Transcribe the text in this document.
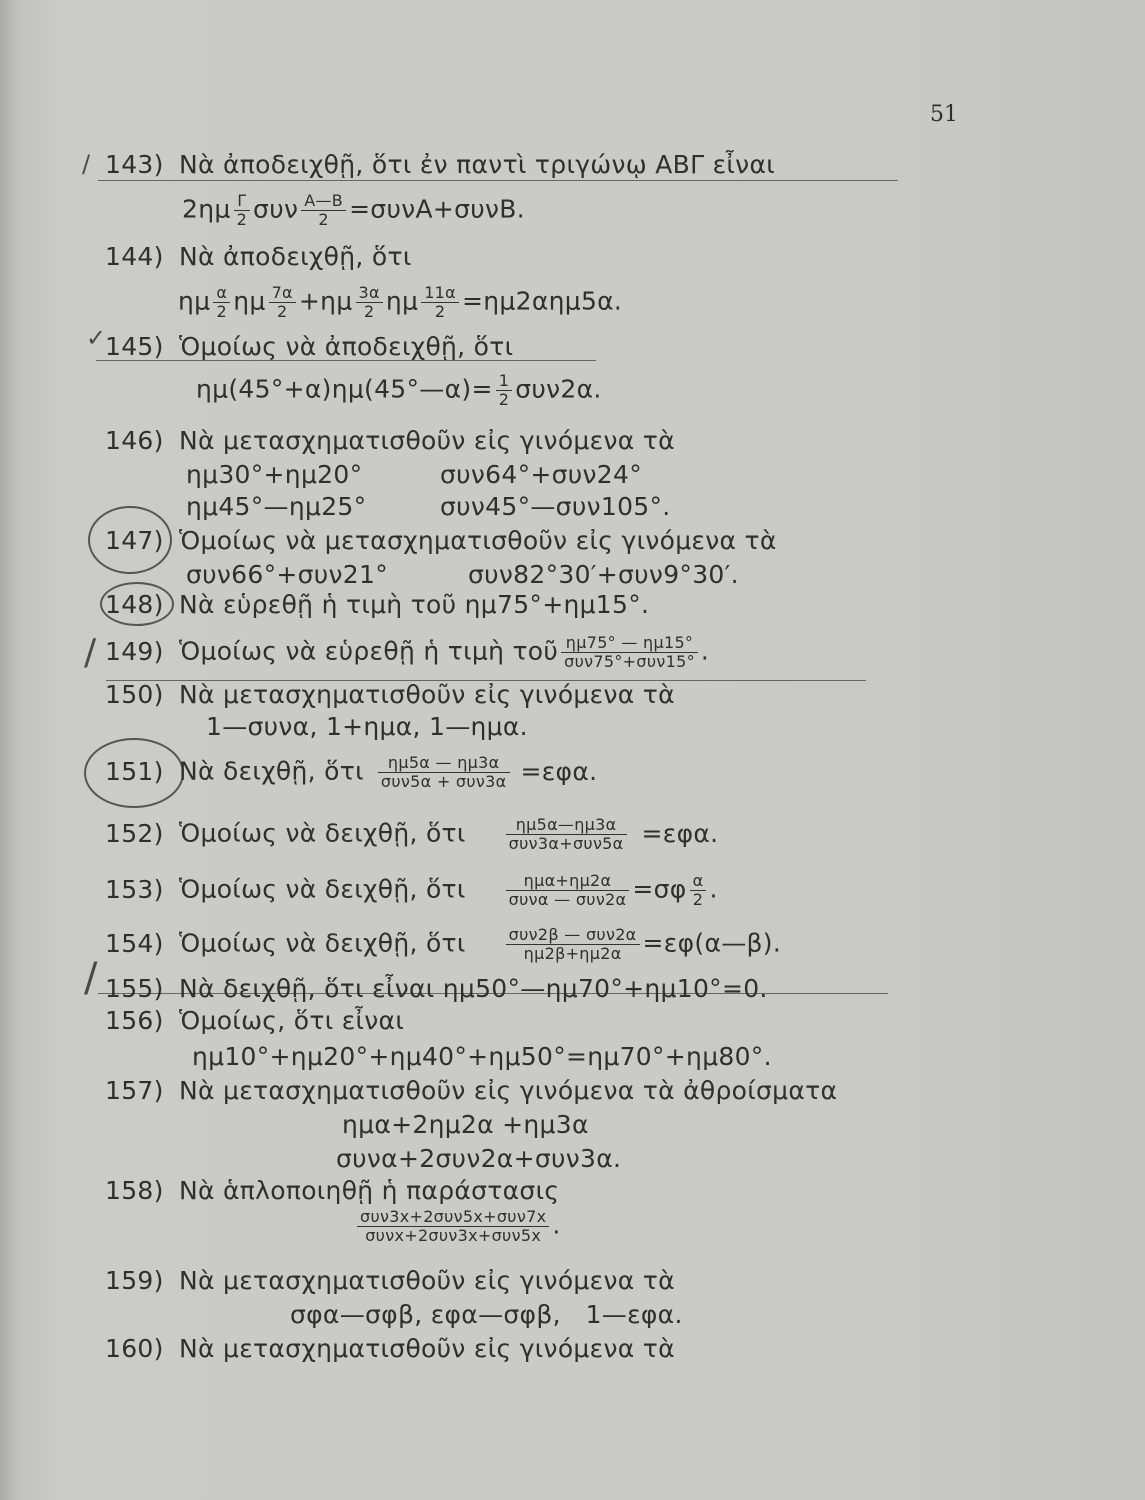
51
/
✓
/
/
143) Νὰ ἀποδειχθῇ, ὅτι ἐν παντὶ τριγώνῳ ΑΒΓ εἶναι
$2\eta\mu \frac{\Gamma}{2}$ συν $\frac{A—B}{2} =\sigma\upsilon\nu A+\sigma\upsilon\nu B$.
144) Νὰ ἀποδειχθῇ, ὅτι
ημ $\frac{\alpha}{2}$ ημ $\frac{7\alpha}{2} +\eta\mu \frac{3\alpha}{2}$ ημ $\frac{11\alpha}{2} =\eta\mu 2\alpha\eta\mu 5\alpha$.
145) Ὁμοίως νὰ ἀποδειχθῇ, ὅτι
ημ(45°+α)ημ(45°—α)= $\frac{1}{2} \sigma\upsilon\nu 2\alpha$.
146) Νὰ μετασχηματισθοῦν εἰς γινόμενα τὰ
ημ30°+ημ20°	συν64°+συν24°
ημ45°—ημ25°	συν45°—συν105°.
147) Ὁμοίως νὰ μετασχηματισθοῦν εἰς γινόμενα τὰ
συν66°+συν21°	συν82°30′+συν9°30′.
148) Νὰ εὑρεθῇ ἡ τιμὴ τοῦ ημ75°+ημ15°.
149) Ὁμοίως νὰ εὑρεθῇ ἡ τιμὴ τοῦ $\frac{\eta\mu 75^\circ — \eta\mu 15^\circ}{\text{συν75°+συν15°}}$ .
150) Νὰ μετασχηματισθοῦν εἰς γινόμενα τὰ
1—συνα, 1+ημα, 1—ημα.
151) Νὰ δειχθῇ, ὅτι $\frac{\eta\mu 5\alpha — \eta\mu 3\alpha}{\text{συν5α + συν3α}} =\varepsilon\varphi\alpha$.
152) Ὁμοίως νὰ δειχθῇ, ὅτι	$\frac{\eta\mu 5\alpha—\eta\mu 3\alpha}{\text{συν3α+συν5α}} =\varepsilon\varphi\alpha$.
153) Ὁμοίως νὰ δειχθῇ, ὅτι	$\frac{\text{ημα+ημ2α}}{\text{συνα — συν2α}} =\sigma\varphi \frac{\alpha}{2}$ .
154) Ὁμοίως νὰ δειχθῇ, ὅτι	$\frac{\text{συν2β — συν2α}}{\eta\mu 2\beta+\eta\mu 2\alpha}$ =εφ(α—β).
155) Νὰ δειχθῇ, ὅτι εἶναι ημ50°—ημ70°+ημ10°=0.
156) Ὁμοίως, ὅτι εἶναι
ημ10°+ημ20°+ημ40°+ημ50°=ημ70°+ημ80°.
157) Νὰ μετασχηματισθοῦν εἰς γινόμενα τὰ ἀθροίσματα
ημα+2ημ2α +ημ3α
συνα+2συν2α+συν3α.
158) Νὰ ἁπλοποιηθῇ ἡ παράστασις
$\frac{\text{συν3x+2συν5x+συν7x}}{\text{συνx+2συν3x+συν5x}}$ .
159) Νὰ μετασχηματισθοῦν εἰς γινόμενα τὰ
σφα—σφβ, εφα—σφβ,   1—εφα.
160) Νὰ μετασχηματισθοῦν εἰς γινόμενα τὰ
